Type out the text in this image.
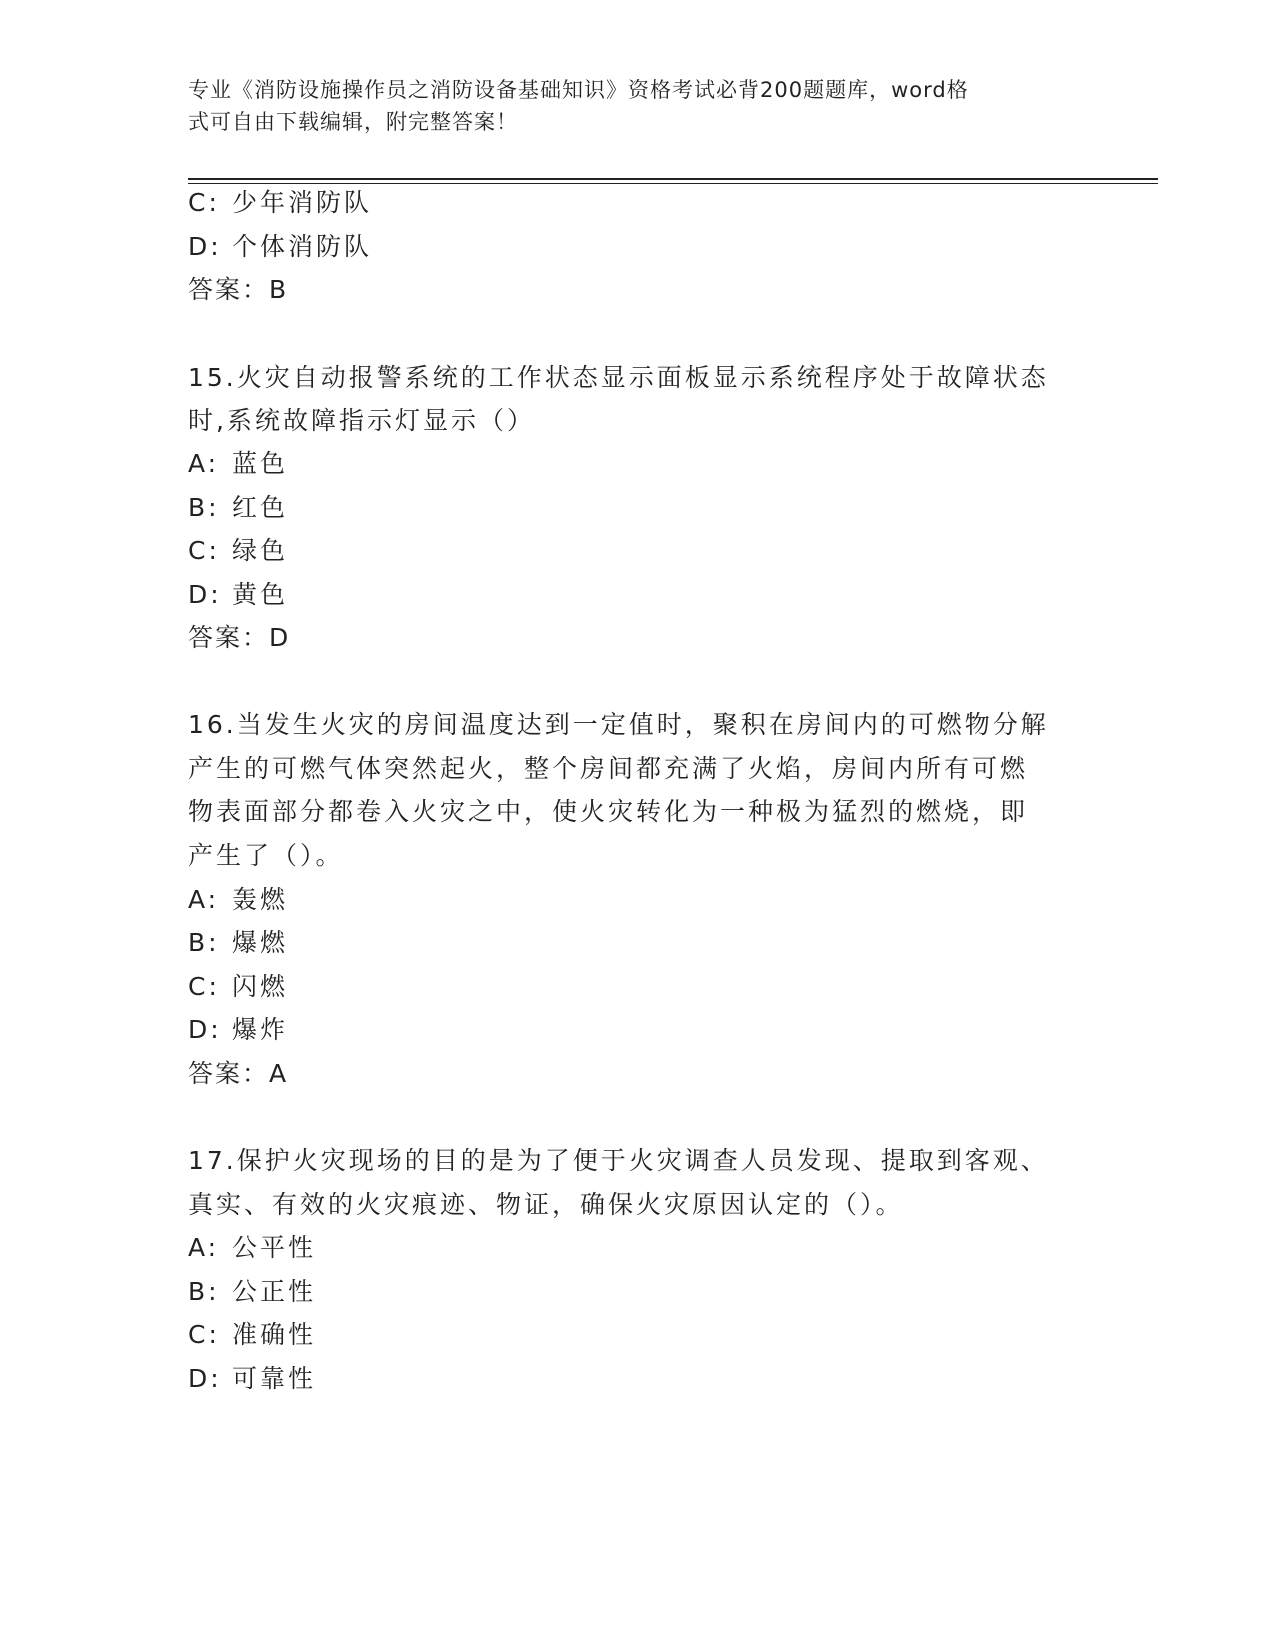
专业《消防设施操作员之消防设备基础知识》资格考试必背200题题库，word格
式可自由下载编辑，附完整答案！
C: 少年消防队
D: 个体消防队
答案：B
15.火灾自动报警系统的工作状态显示面板显示系统程序处于故障状态
时,系统故障指示灯显示（）
A: 蓝色
B: 红色
C: 绿色
D: 黄色
答案：D
16.当发生火灾的房间温度达到一定值时，聚积在房间内的可燃物分解
产生的可燃气体突然起火，整个房间都充满了火焰，房间内所有可燃
物表面部分都卷入火灾之中，使火灾转化为一种极为猛烈的燃烧，即
产生了（）。
A: 轰燃
B: 爆燃
C: 闪燃
D: 爆炸
答案：A
17.保护火灾现场的目的是为了便于火灾调查人员发现、提取到客观、
真实、有效的火灾痕迹、物证，确保火灾原因认定的（）。
A: 公平性
B: 公正性
C: 准确性
D: 可靠性
